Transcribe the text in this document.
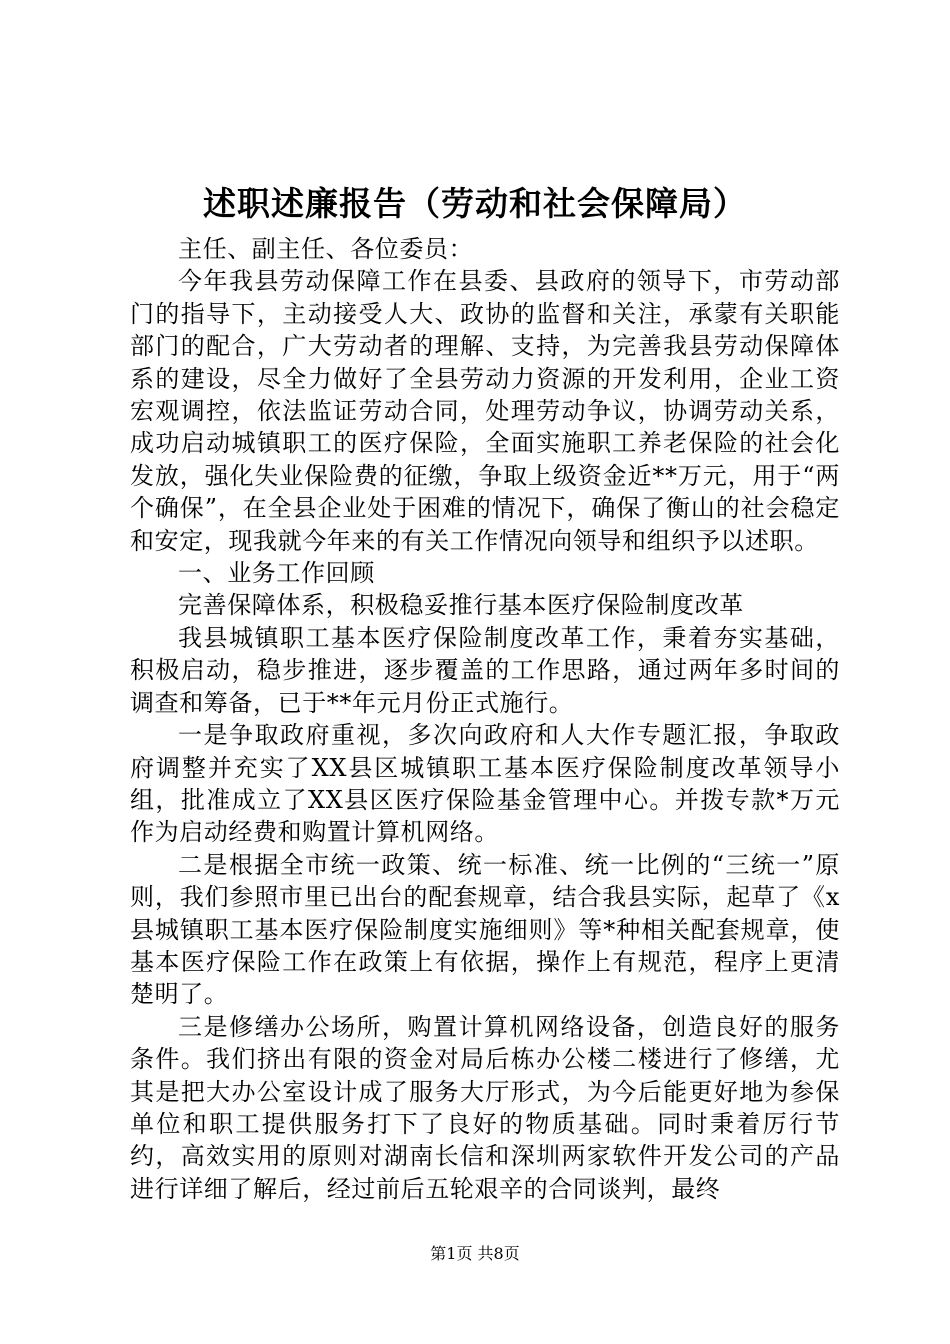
述职述廉报告（劳动和社会保障局）

主任、副主任、各位委员：

今年我县劳动保障工作在县委、县政府的领导下，市劳动部门的指导下，主动接受人大、政协的监督和关注，承蒙有关职能部门的配合，广大劳动者的理解、支持，为完善我县劳动保障体系的建设，尽全力做好了全县劳动力资源的开发利用，企业工资宏观调控，依法监证劳动合同，处理劳动争议，协调劳动关系，成功启动城镇职工的医疗保险，全面实施职工养老保险的社会化发放，强化失业保险费的征缴，争取上级资金近**万元，用于“两个确保”，在全县企业处于困难的情况下，确保了衡山的社会稳定和安定，现我就今年来的有关工作情况向领导和组织予以述职。

一、业务工作回顾

完善保障体系，积极稳妥推行基本医疗保险制度改革

我县城镇职工基本医疗保险制度改革工作，秉着夯实基础，积极启动，稳步推进，逐步覆盖的工作思路，通过两年多时间的调查和筹备，已于**年元月份正式施行。

一是争取政府重视，多次向政府和人大作专题汇报，争取政府调整并充实了XX县区城镇职工基本医疗保险制度改革领导小组，批准成立了XX县区医疗保险基金管理中心。并拨专款*万元作为启动经费和购置计算机网络。

二是根据全市统一政策、统一标准、统一比例的“三统一”原则，我们参照市里已出台的配套规章，结合我县实际，起草了《x县城镇职工基本医疗保险制度实施细则》等*种相关配套规章，使基本医疗保险工作在政策上有依据，操作上有规范，程序上更清楚明了。

三是修缮办公场所，购置计算机网络设备，创造良好的服务条件。我们挤出有限的资金对局后栋办公楼二楼进行了修缮，尤其是把大办公室设计成了服务大厅形式，为今后能更好地为参保单位和职工提供服务打下了良好的物质基础。同时秉着厉行节约，高效实用的原则对湖南长信和深圳两家软件开发公司的产品进行详细了解后，经过前后五轮艰辛的合同谈判，最终

第1页 共8页
